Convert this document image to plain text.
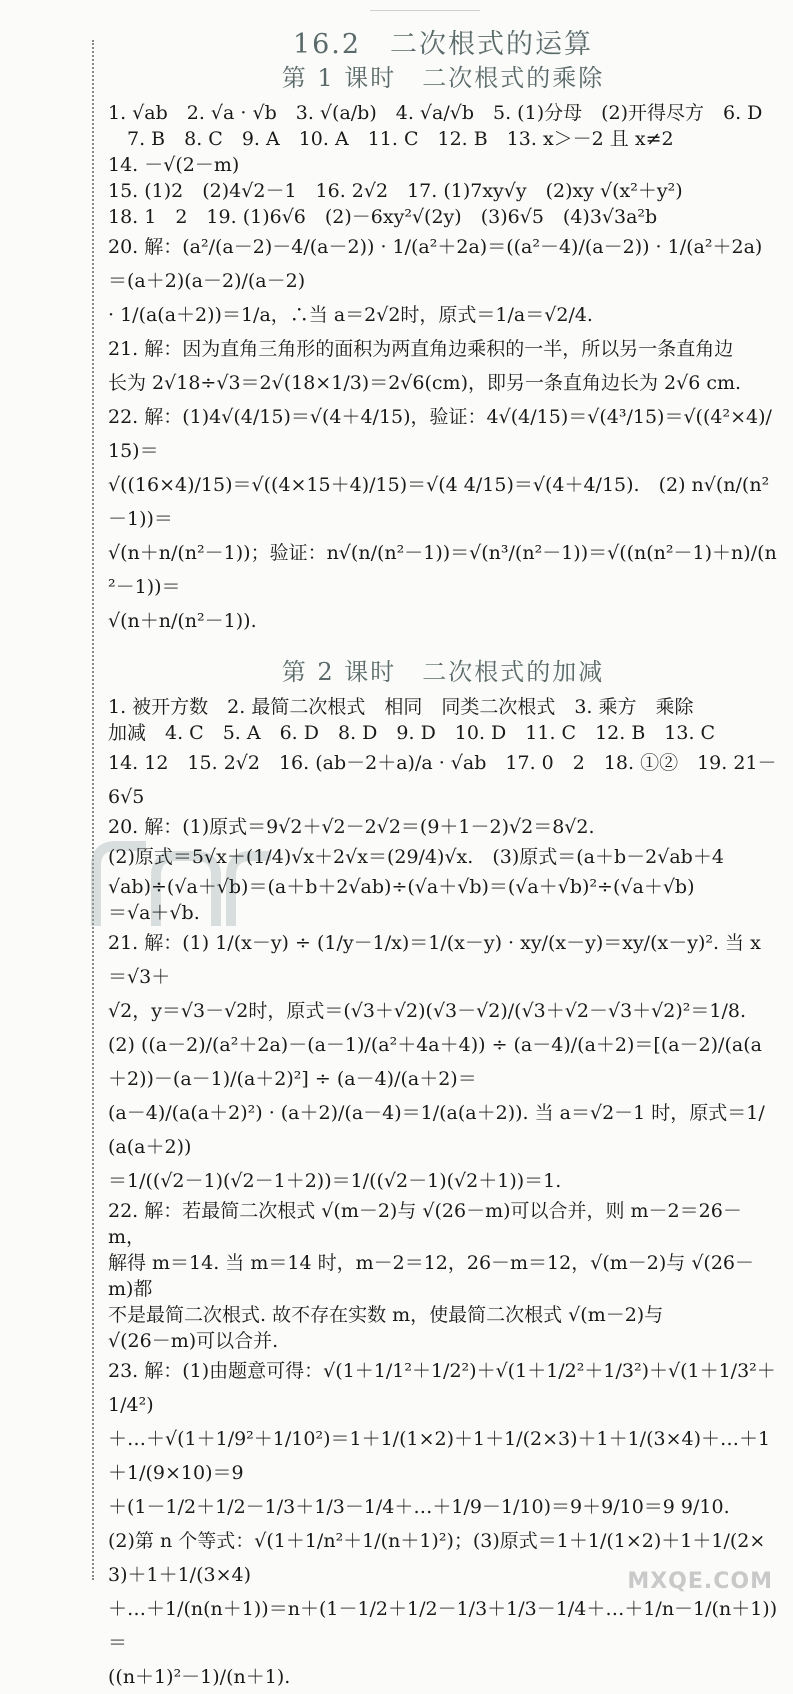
16.2　二次根式的运算
第 1 课时　二次根式的乘除

1. √ab　2. √a · √b　3. √(a/b)　4. √a/√b　5. (1)分母　(2)开得尽方　6. D

　7. B　8. C　9. A　10. A　11. C　12. B　13. x＞－2 且 x≠2

14. －√(2－m)

15. (1)2　(2)4√2－1　16. 2√2　17. (1)7xy√y　(2)xy √(x²＋y²)

18. 1　2　19. (1)6√6　(2)－6xy²√(2y)　(3)6√5　(4)3√3a²b

20. 解：(a²/(a－2)－4/(a－2)) · 1/(a²＋2a)＝((a²－4)/(a－2)) · 1/(a²＋2a)＝(a＋2)(a－2)/(a－2)

· 1/(a(a＋2))＝1/a，∴当 a＝2√2时，原式＝1/a＝√2/4.

21. 解：因为直角三角形的面积为两直角边乘积的一半，所以另一条直角边

长为 2√18÷√3＝2√(18×1/3)＝2√6(cm)，即另一条直角边长为 2√6 cm.

22. 解：(1)4√(4/15)＝√(4＋4/15)，验证：4√(4/15)＝√(4³/15)＝√((4²×4)/15)＝

√((16×4)/15)＝√((4×15＋4)/15)＝√(4 4/15)＝√(4＋4/15).　(2) n√(n/(n²－1))＝

√(n＋n/(n²－1))；验证：n√(n/(n²－1))＝√(n³/(n²－1))＝√((n(n²－1)＋n)/(n²－1))＝

√(n＋n/(n²－1)).

第 2 课时　二次根式的加减

1. 被开方数　2. 最简二次根式　相同　同类二次根式　3. 乘方　乘除

加减　4. C　5. A　6. D　8. D　9. D　10. D　11. C　12. B　13. C

14. 12　15. 2√2　16. (ab－2＋a)/a · √ab　17. 0　2　18. ①②　19. 21－6√5

20. 解：(1)原式＝9√2＋√2－2√2＝(9＋1－2)√2＝8√2.

(2)原式＝5√x＋(1/4)√x＋2√x＝(29/4)√x.　(3)原式＝(a＋b－2√ab＋4

√ab)÷(√a＋√b)＝(a＋b＋2√ab)÷(√a＋√b)＝(√a＋√b)²÷(√a＋√b)

＝√a＋√b.

21. 解：(1) 1/(x－y) ÷ (1/y－1/x)＝1/(x－y) · xy/(x－y)＝xy/(x－y)². 当 x＝√3＋

√2，y＝√3－√2时，原式＝(√3＋√2)(√3－√2)/(√3＋√2－√3＋√2)²＝1/8.

(2) ((a－2)/(a²＋2a)－(a－1)/(a²＋4a＋4)) ÷ (a－4)/(a＋2)＝[(a－2)/(a(a＋2))－(a－1)/(a＋2)²] ÷ (a－4)/(a＋2)＝

(a－4)/(a(a＋2)²) · (a＋2)/(a－4)＝1/(a(a＋2)). 当 a＝√2－1 时，原式＝1/(a(a＋2))

＝1/((√2－1)(√2－1＋2))＝1/((√2－1)(√2＋1))＝1.

22. 解：若最简二次根式 √(m－2)与 √(26－m)可以合并，则 m－2＝26－m，

解得 m＝14. 当 m＝14 时，m－2＝12，26－m＝12，√(m－2)与 √(26－m)都

不是最简二次根式. 故不存在实数 m，使最简二次根式 √(m－2)与

√(26－m)可以合并.

23. 解：(1)由题意可得：√(1＋1/1²＋1/2²)＋√(1＋1/2²＋1/3²)＋√(1＋1/3²＋1/4²)

＋…＋√(1＋1/9²＋1/10²)＝1＋1/(1×2)＋1＋1/(2×3)＋1＋1/(3×4)＋…＋1＋1/(9×10)＝9

＋(1－1/2＋1/2－1/3＋1/3－1/4＋…＋1/9－1/10)＝9＋9/10＝9 9/10.

(2)第 n 个等式：√(1＋1/n²＋1/(n＋1)²)；(3)原式＝1＋1/(1×2)＋1＋1/(2×3)＋1＋1/(3×4)

＋…＋1/(n(n＋1))＝n＋(1－1/2＋1/2－1/3＋1/3－1/4＋…＋1/n－1/(n＋1))＝

((n＋1)²－1)/(n＋1).

MXQE.COM
